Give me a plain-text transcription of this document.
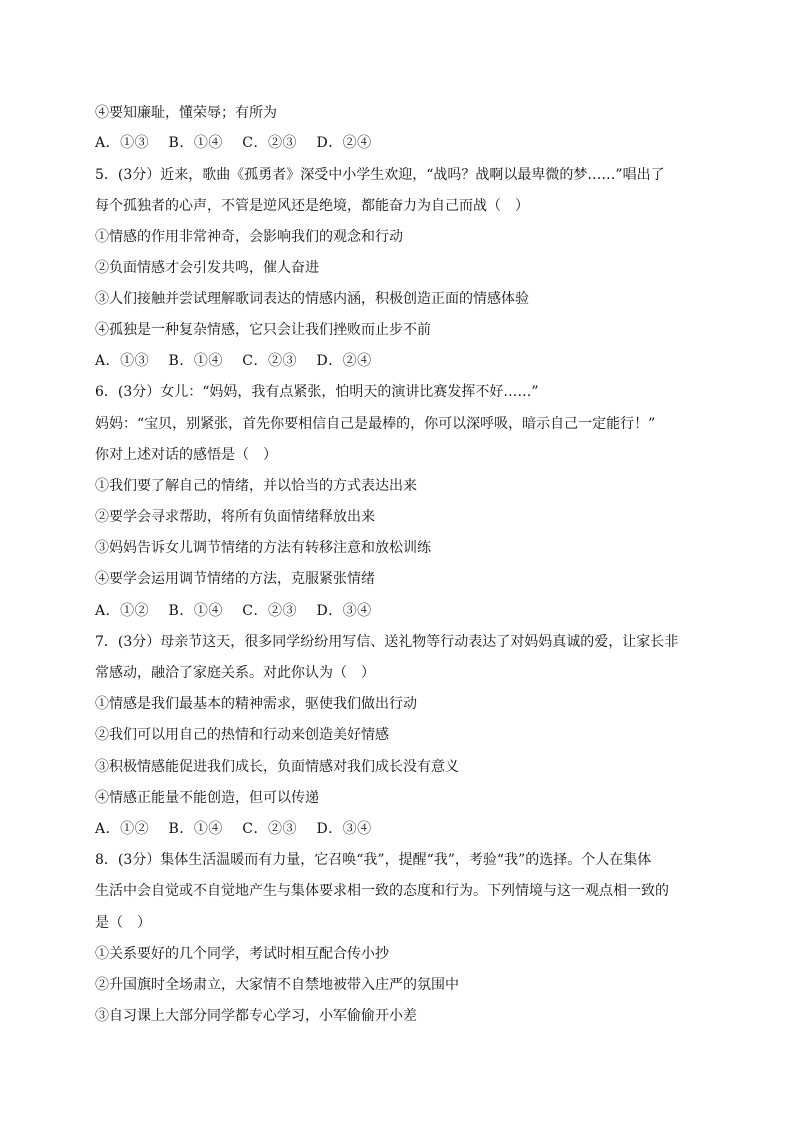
④要知廉耻，懂荣辱；有所为
A．①③　 B．①④　 C．②③　 D．②④
5．(3分）近来，歌曲《孤勇者》深受中小学生欢迎，“战吗？战啊以最卑微的梦……”唱出了
每个孤独者的心声，不管是逆风还是绝境，都能奋力为自己而战（　）
①情感的作用非常神奇，会影响我们的观念和行动
②负面情感才会引发共鸣，催人奋进
③人们接触并尝试理解歌词表达的情感内涵，积极创造正面的情感体验
④孤独是一种复杂情感，它只会让我们挫败而止步不前
A．①③　 B．①④　 C．②③　 D．②④
6．(3分）女儿：“妈妈，我有点紧张，怕明天的演讲比赛发挥不好……”
妈妈：“宝贝，别紧张，首先你要相信自己是最棒的，你可以深呼吸，暗示自己一定能行！”
你对上述对话的感悟是（　）
①我们要了解自己的情绪，并以恰当的方式表达出来
②要学会寻求帮助，将所有负面情绪释放出来
③妈妈告诉女儿调节情绪的方法有转移注意和放松训练
④要学会运用调节情绪的方法，克服紧张情绪
A．①②　 B．①④　 C．②③　 D．③④
7．(3分）母亲节这天，很多同学纷纷用写信、送礼物等行动表达了对妈妈真诚的爱，让家长非
常感动，融洽了家庭关系。对此你认为（　）
①情感是我们最基本的精神需求，驱使我们做出行动
②我们可以用自己的热情和行动来创造美好情感
③积极情感能促进我们成长，负面情感对我们成长没有意义
④情感正能量不能创造，但可以传递
A．①②　 B．①④　 C．②③　 D．③④
8．(3分）集体生活温暖而有力量，它召唤“我”，提醒“我”，考验“我”的选择。个人在集体
生活中会自觉或不自觉地产生与集体要求相一致的态度和行为。下列情境与这一观点相一致的
是（　）
①关系要好的几个同学，考试时相互配合传小抄
②升国旗时全场肃立，大家情不自禁地被带入庄严的氛围中
③自习课上大部分同学都专心学习，小军偷偷开小差
